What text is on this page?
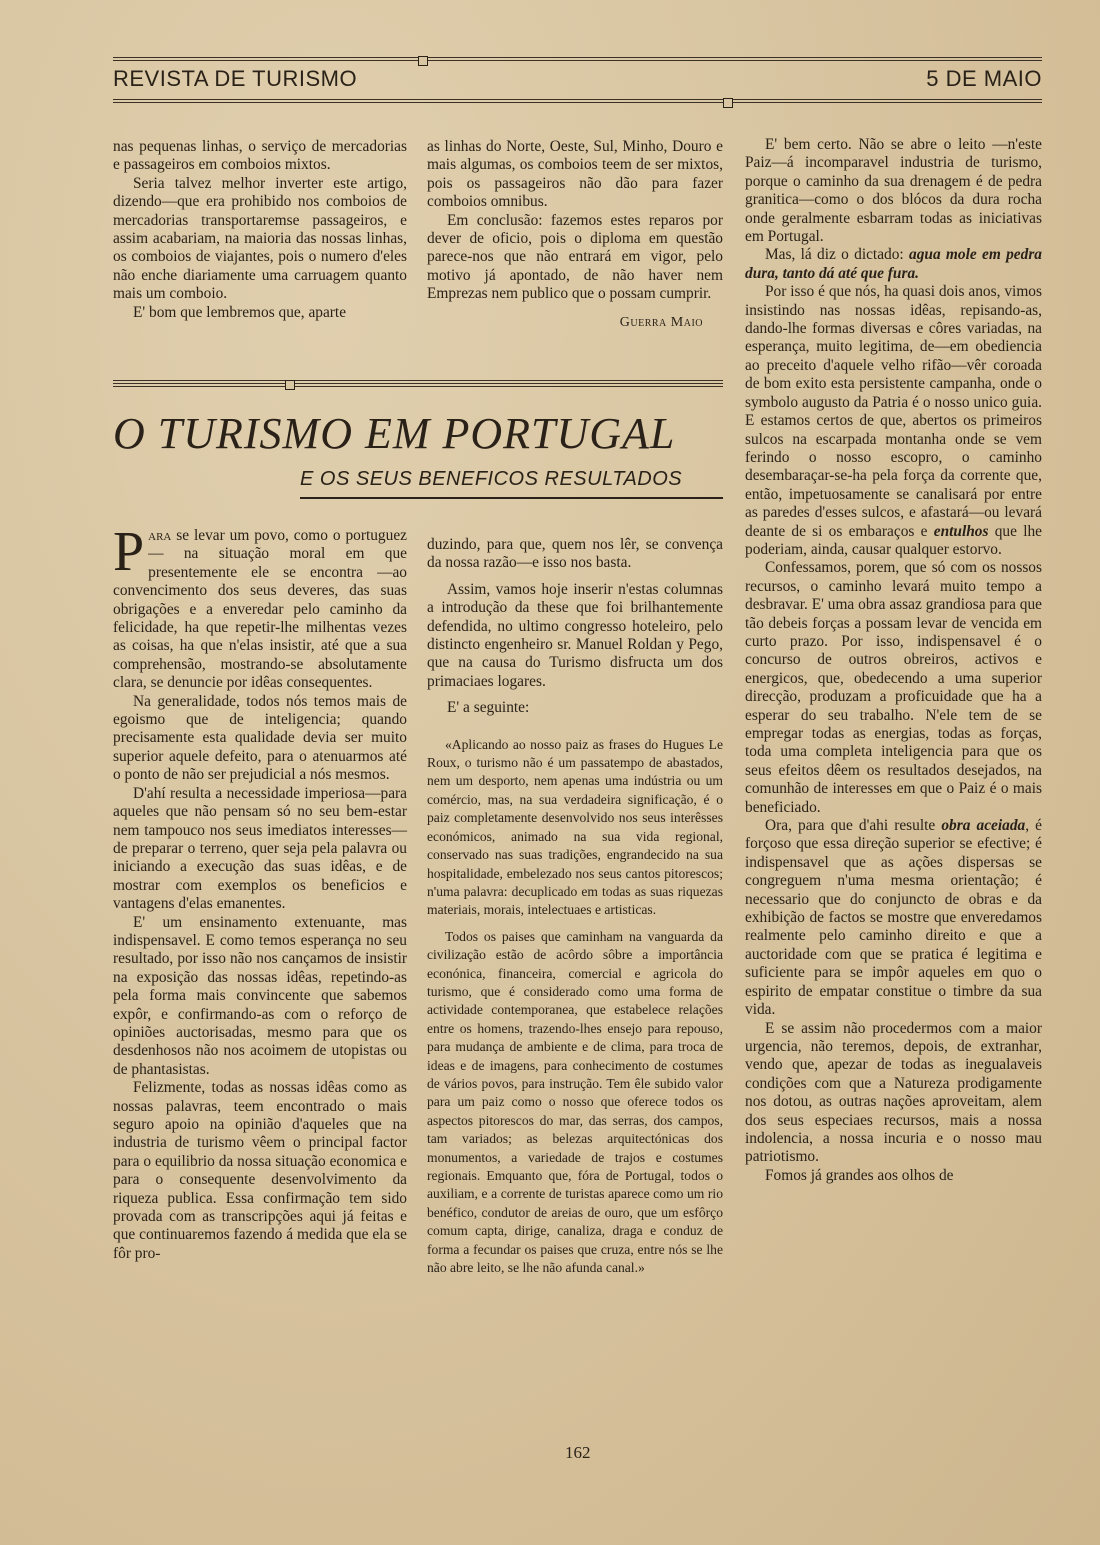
REVISTA DE TURISMO	5 DE MAIO

nas pequenas linhas, o serviço de mercadorias e passageiros em comboios mixtos.

Seria talvez melhor inverter este artigo, dizendo—que era prohibido nos comboios de mercadorias transportaremse passageiros, e assim acabariam, na maioria das nossas linhas, os comboios de viajantes, pois o numero d'eles não enche diariamente uma carruagem quanto mais um comboio.

E' bom que lembremos que, aparte

as linhas do Norte, Oeste, Sul, Minho, Douro e mais algumas, os comboios teem de ser mixtos, pois os passageiros não dão para fazer comboios omnibus.

Em conclusão: fazemos estes reparos por dever de oficio, pois o diploma em questão parece-nos que não entrará em vigor, pelo motivo já apontado, de não haver nem Emprezas nem publico que o possam cumprir.

Guerra Maio
O TURISMO EM PORTUGAL
E OS SEUS BENEFICOS RESULTADOS

Para se levar um povo, como o portuguez — na situação moral em que presentemente ele se encontra —ao convencimento dos seus deveres, das suas obrigações e a enveredar pelo caminho da felicidade, ha que repetir-lhe milhentas vezes as coisas, ha que n'elas insistir, até que a sua comprehensão, mostrando-se absolutamente clara, se denuncie por idêas consequentes.

Na generalidade, todos nós temos mais de egoismo que de inteligencia; quando precisamente esta qualidade devia ser muito superior aquele defeito, para o atenuarmos até o ponto de não ser prejudicial a nós mesmos.

D'ahí resulta a necessidade imperiosa—para aqueles que não pensam só no seu bem-estar nem tampouco nos seus imediatos interesses—de preparar o terreno, quer seja pela palavra ou iniciando a execução das suas idêas, e de mostrar com exemplos os beneficios e vantagens d'elas emanentes.

E' um ensinamento extenuante, mas indispensavel. E como temos esperança no seu resultado, por isso não nos cançamos de insistir na exposição das nossas idêas, repetindo-as pela forma mais convincente que sabemos expôr, e confirmando-as com o reforço de opiniões auctorisadas, mesmo para que os desdenhosos não nos acoimem de utopistas ou de phantasistas.

Felizmente, todas as nossas idêas como as nossas palavras, teem encontrado o mais seguro apoio na opinião d'aqueles que na industria de turismo vêem o principal factor para o equilibrio da nossa situação economica e para o consequente desenvolvimento da riqueza publica. Essa confirmação tem sido provada com as transcripções aqui já feitas e que continuaremos fazendo á medida que ela se fôr pro-

duzindo, para que, quem nos lêr, se convença da nossa razão—e isso nos basta.

Assim, vamos hoje inserir n'estas columnas a introdução da these que foi brilhantemente defendida, no ultimo congresso hoteleiro, pelo distincto engenheiro sr. Manuel Roldan y Pego, que na causa do Turismo disfructa um dos primaciaes logares.

E' a seguinte:

«Aplicando ao nosso paiz as frases do Hugues Le Roux, o turismo não é um passatempo de abastados, nem um desporto, nem apenas uma indústria ou um comércio, mas, na sua verdadeira significação, é o paiz completamente desenvolvido nos seus interêsses económicos, animado na sua vida regional, conservado nas suas tradições, engrandecido na sua hospitalidade, embelezado nos seus cantos pitorescos; n'uma palavra: decuplicado em todas as suas riquezas materiais, morais, intelectuaes e artisticas.

Todos os paises que caminham na vanguarda da civilização estão de acôrdo sôbre a importância econónica, financeira, comercial e agricola do turismo, que é considerado como uma forma de actividade contemporanea, que estabelece relações entre os homens, trazendo-lhes ensejo para repouso, para mudança de ambiente e de clima, para troca de ideas e de imagens, para conhecimento de costumes de vários povos, para instrução. Tem êle subido valor para um paiz como o nosso que oferece todos os aspectos pitorescos do mar, das serras, dos campos, tam variados; as belezas arquitectónicas dos monumentos, a variedade de trajos e costumes regionais. Emquanto que, fóra de Portugal, todos o auxiliam, e a corrente de turistas aparece como um rio benéfico, condutor de areias de ouro, que um esfôrço comum capta, dirige, canaliza, draga e conduz de forma a fecundar os paises que cruza, entre nós se lhe não abre leito, se lhe não afunda canal.»

E' bem certo. Não se abre o leito —n'este Paiz—á incomparavel industria de turismo, porque o caminho da sua drenagem é de pedra granitica—como o dos blócos da dura rocha onde geralmente esbarram todas as iniciativas em Portugal.

Mas, lá diz o dictado: agua mole em pedra dura, tanto dá até que fura.

Por isso é que nós, ha quasi dois anos, vimos insistindo nas nossas idêas, repisando-as, dando-lhe formas diversas e côres variadas, na esperança, muito legitima, de—em obediencia ao preceito d'aquele velho rifão—vêr coroada de bom exito esta persistente campanha, onde o symbolo augusto da Patria é o nosso unico guia. E estamos certos de que, abertos os primeiros sulcos na escarpada montanha onde se vem ferindo o nosso escopro, o caminho desembaraçar-se-ha pela força da corrente que, então, impetuosamente se canalisará por entre as paredes d'esses sulcos, e afastará—ou levará deante de si os embaraços e entulhos que lhe poderiam, ainda, causar qualquer estorvo.

Confessamos, porem, que só com os nossos recursos, o caminho levará muito tempo a desbravar. E' uma obra assaz grandiosa para que tão debeis forças a possam levar de vencida em curto prazo. Por isso, indispensavel é o concurso de outros obreiros, activos e energicos, que, obedecendo a uma superior direcção, produzam a proficuidade que ha a esperar do seu trabalho. N'ele tem de se empregar todas as energias, todas as forças, toda uma completa inteligencia para que os seus efeitos dêem os resultados desejados, na comunhão de interesses em que o Paiz é o mais beneficiado.

Ora, para que d'ahi resulte obra aceiada, é forçoso que essa direção superior se efective; é indispensavel que as ações dispersas se congreguem n'uma mesma orientação; é necessario que do conjuncto de obras e da exhibição de factos se mostre que enveredamos realmente pelo caminho direito e que a auctoridade com que se pratica é legitima e suficiente para se impôr aqueles em quo o espirito de empatar constitue o timbre da sua vida.

E se assim não procedermos com a maior urgencia, não teremos, depois, de extranhar, vendo que, apezar de todas as inegualaveis condições com que a Natureza prodigamente nos dotou, as outras nações aproveitam, alem dos seus especiaes recursos, mais a nossa indolencia, a nossa incuria e o nosso mau patriotismo.

Fomos já grandes aos olhos de

162
